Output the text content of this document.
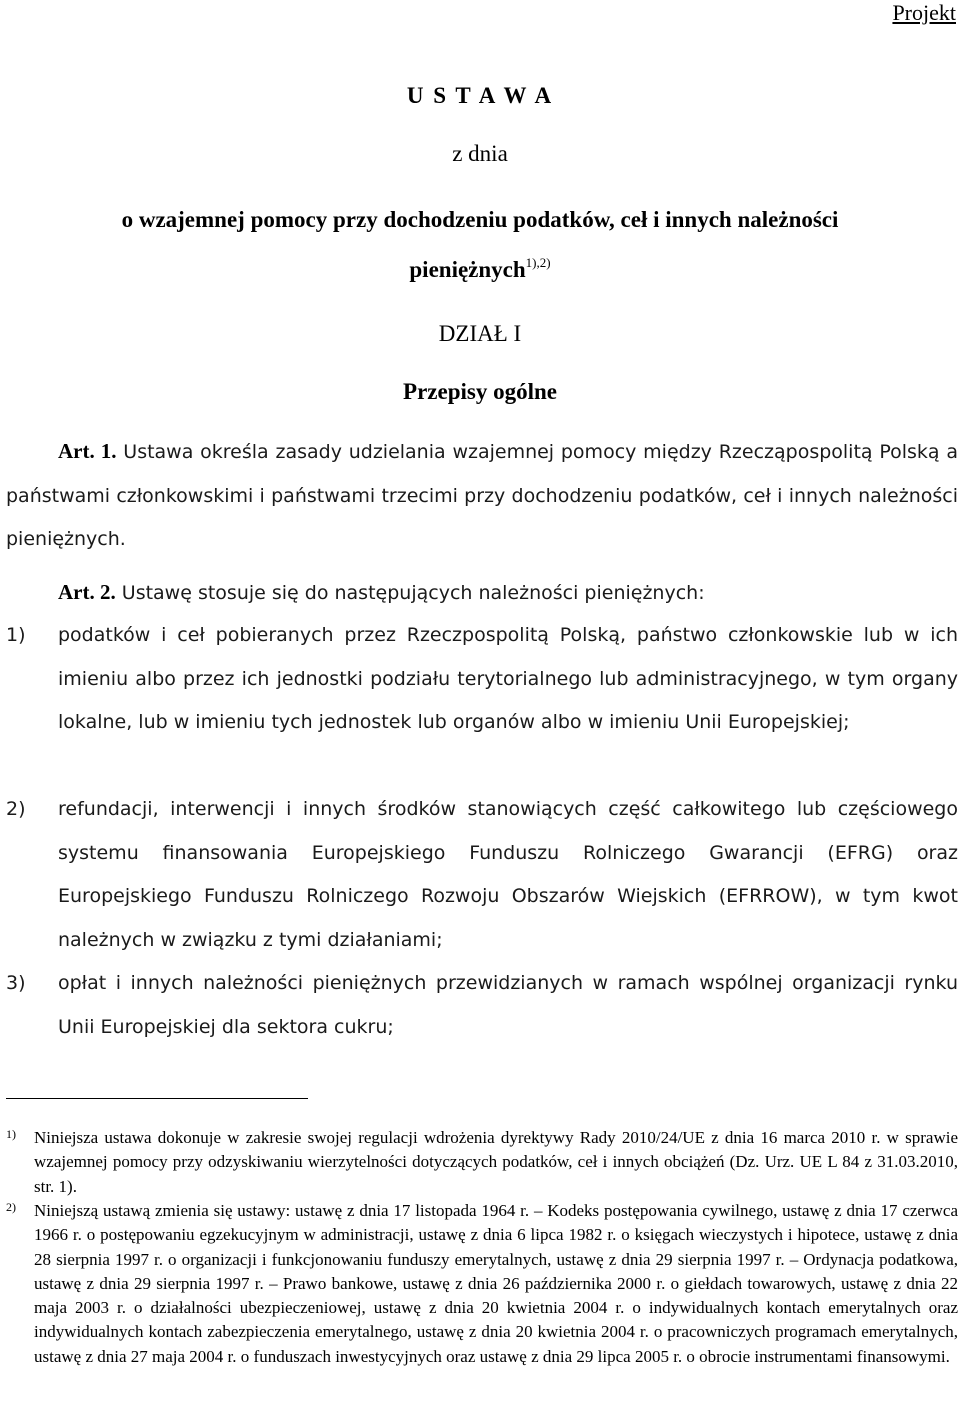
Projekt
U S T A W A
z dnia
o wzajemnej pomocy przy dochodzeniu podatków, ceł i innych należności pieniężnych$^{1),2)}$
DZIAŁ I
Przepisy ogólne
Art. 1. Ustawa określa zasady udzielania wzajemnej pomocy między Rzecząpospolitą Polską a państwami członkowskimi i państwami trzecimi przy dochodzeniu podatków, ceł i innych należności pieniężnych.
Art. 2. Ustawę stosuje się do następujących należności pieniężnych:
1) podatków i ceł pobieranych przez Rzeczpospolitą Polską, państwo członkowskie lub w ich imieniu albo przez ich jednostki podziału terytorialnego lub administracyjnego, w tym organy lokalne, lub w imieniu tych jednostek lub organów albo w imieniu Unii Europejskiej;
2) refundacji, interwencji i innych środków stanowiących część całkowitego lub częściowego systemu finansowania Europejskiego Funduszu Rolniczego Gwarancji (EFRG) oraz Europejskiego Funduszu Rolniczego Rozwoju Obszarów Wiejskich (EFRROW), w tym kwot należnych w związku z tymi działaniami;
3) opłat i innych należności pieniężnych przewidzianych w ramach wspólnej organizacji rynku Unii Europejskiej dla sektora cukru;
1) Niniejsza ustawa dokonuje w zakresie swojej regulacji wdrożenia dyrektywy Rady 2010/24/UE z dnia 16 marca 2010 r. w sprawie wzajemnej pomocy przy odzyskiwaniu wierzytelności dotyczących podatków, ceł i innych obciążeń (Dz. Urz. UE L 84 z 31.03.2010, str. 1).
2) Niniejszą ustawą zmienia się ustawy: ustawę z dnia 17 listopada 1964 r. – Kodeks postępowania cywilnego, ustawę z dnia 17 czerwca 1966 r. o postępowaniu egzekucyjnym w administracji, ustawę z dnia 6 lipca 1982 r. o księgach wieczystych i hipotece, ustawę z dnia 28 sierpnia 1997 r. o organizacji i funkcjonowaniu funduszy emerytalnych, ustawę z dnia 29 sierpnia 1997 r. – Ordynacja podatkowa, ustawę z dnia 29 sierpnia 1997 r. – Prawo bankowe, ustawę z dnia 26 października 2000 r. o giełdach towarowych, ustawę z dnia 22 maja 2003 r. o działalności ubezpieczeniowej, ustawę z dnia 20 kwietnia 2004 r. o indywidualnych kontach emerytalnych oraz indywidualnych kontach zabezpieczenia emerytalnego, ustawę z dnia 20 kwietnia 2004 r. o pracowniczych programach emerytalnych, ustawę z dnia 27 maja 2004 r. o funduszach inwestycyjnych oraz ustawę z dnia 29 lipca 2005 r. o obrocie instrumentami finansowymi.
